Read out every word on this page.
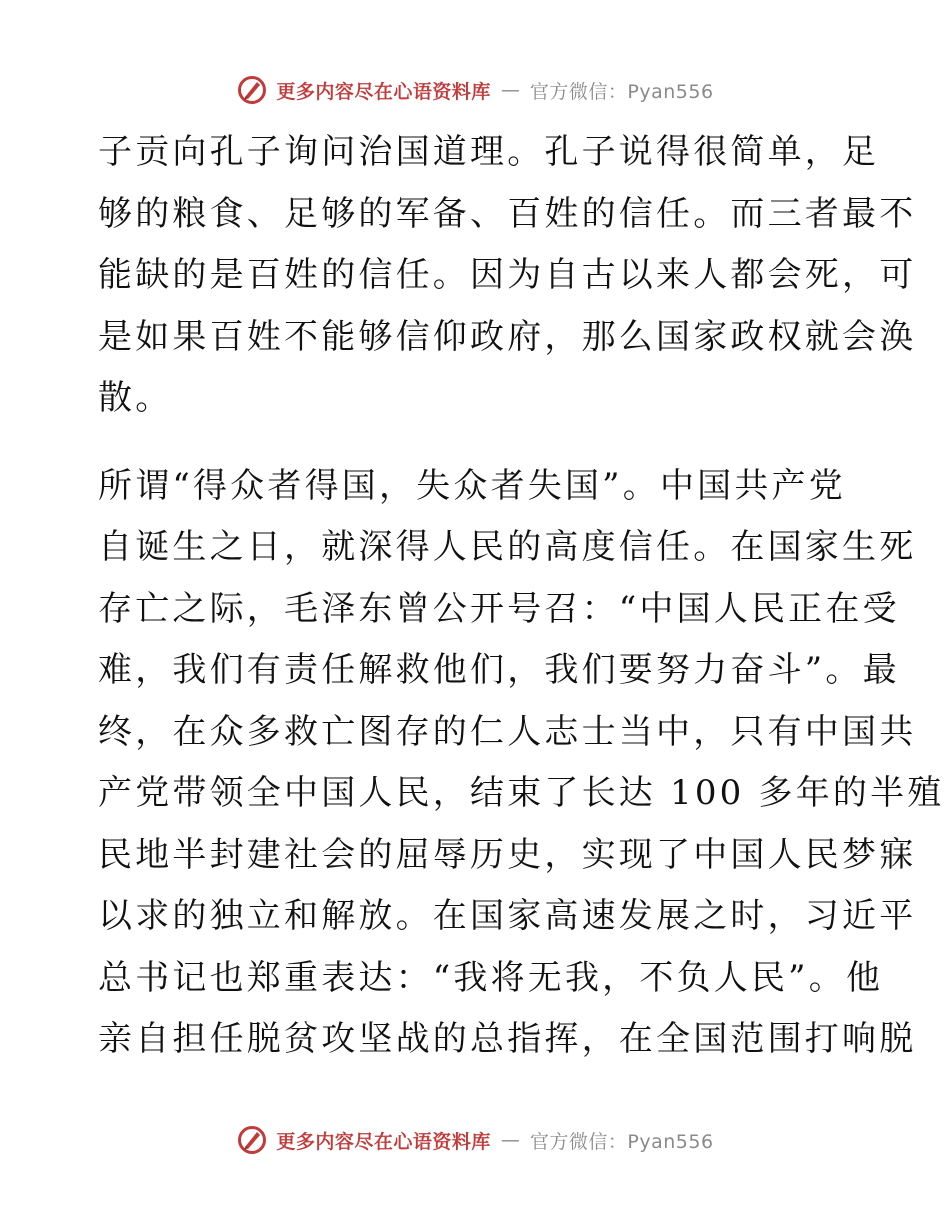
更多内容尽在心语资料库 — 官方微信：Pyan556

子贡向孔子询问治国道理。孔子说得很简单，足
够的粮食、足够的军备、百姓的信任。而三者最不
能缺的是百姓的信任。因为自古以来人都会死，可
是如果百姓不能够信仰政府，那么国家政权就会涣
散。

所谓“得众者得国，失众者失国”。中国共产党
自诞生之日，就深得人民的高度信任。在国家生死
存亡之际，毛泽东曾公开号召：“中国人民正在受
难，我们有责任解救他们，我们要努力奋斗”。最
终，在众多救亡图存的仁人志士当中，只有中国共
产党带领全中国人民，结束了长达 100 多年的半殖
民地半封建社会的屈辱历史，实现了中国人民梦寐
以求的独立和解放。在国家高速发展之时，习近平
总书记也郑重表达：“我将无我，不负人民”。他
亲自担任脱贫攻坚战的总指挥，在全国范围打响脱

更多内容尽在心语资料库 — 官方微信：Pyan556
